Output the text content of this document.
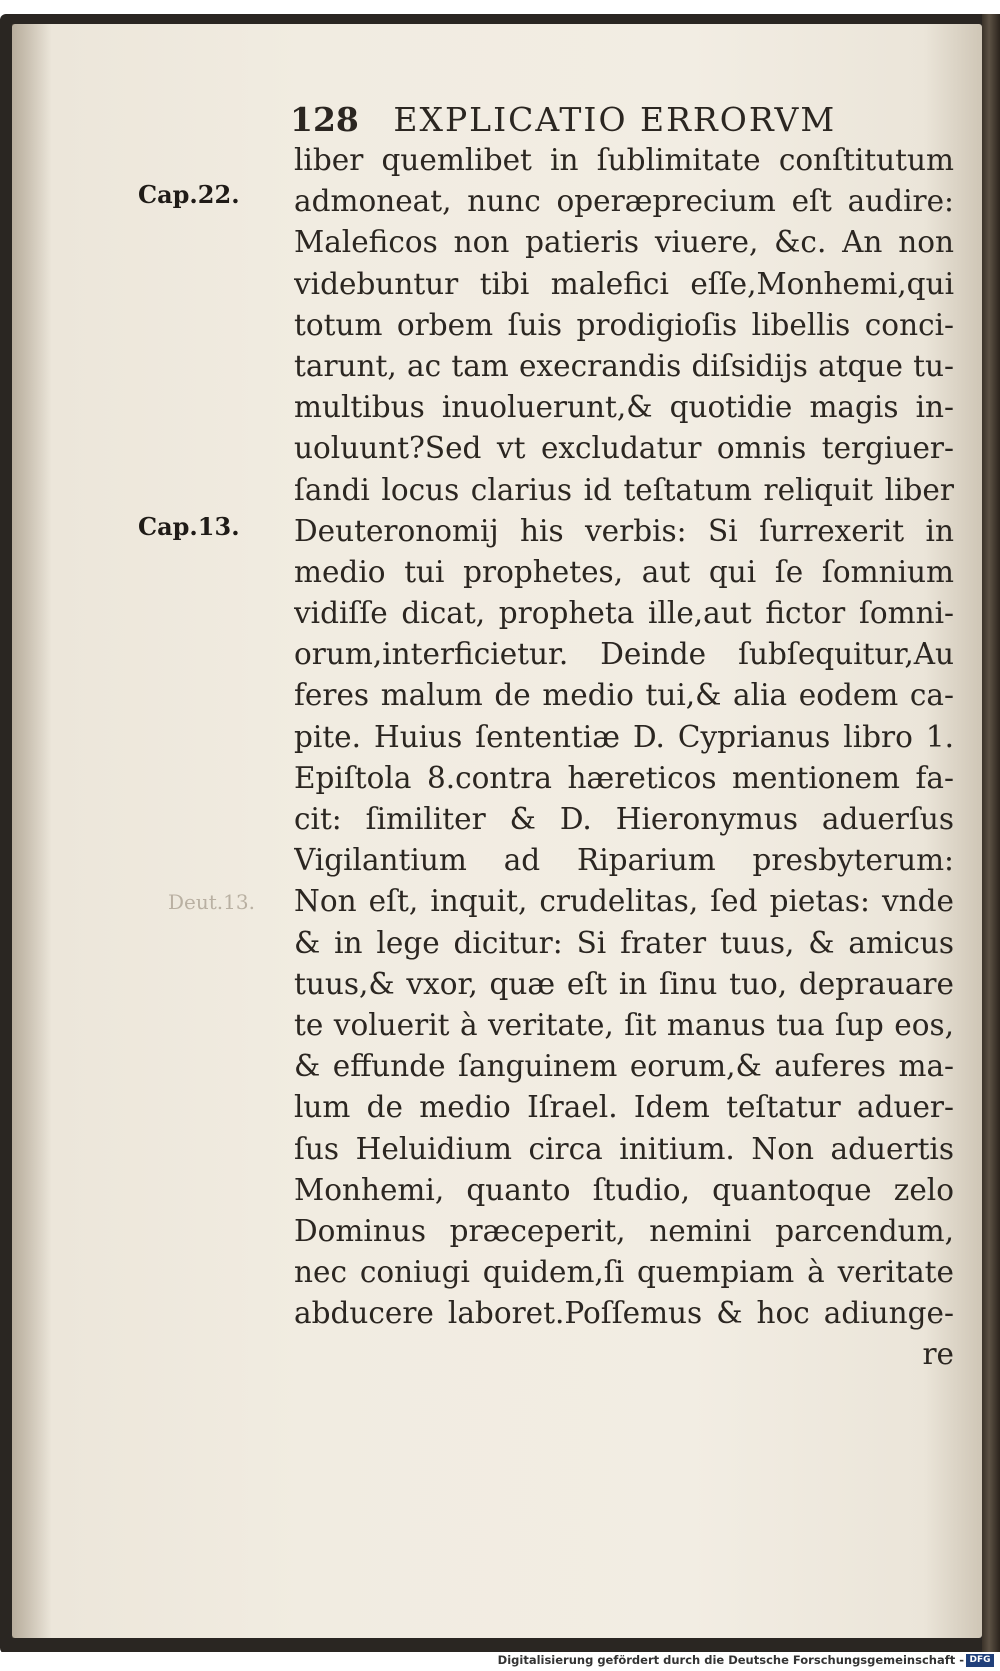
128 EXPLICATIO ERRORVM
Cap.22.
Cap.13.
Deut.13.
liber quemlibet in ſublimitate conſtitutum
admoneat, nunc operæprecium eſt audire:
Maleficos non patieris viuere, &c. An non
videbuntur tibi malefici eſſe,Monhemi,qui
totum orbem ſuis prodigioſis libellis conci-
tarunt, ac tam execrandis diſsidijs atque tu-
multibus inuoluerunt,& quotidie magis in-
uoluunt?Sed vt excludatur omnis tergiuer-
ſandi locus clarius id teſtatum reliquit liber
Deuteronomij his verbis: Si ſurrexerit in
medio tui prophetes, aut qui ſe ſomnium
vidiſſe dicat, propheta ille,aut fictor ſomni-
orum,interficietur. Deinde ſubſequitur,Au
feres malum de medio tui,& alia eodem ca-
pite. Huius ſententiæ D. Cyprianus libro 1.
Epiſtola 8.contra hæreticos mentionem fa-
cit: ſimiliter & D. Hieronymus aduerſus
Vigilantium ad Riparium presbyterum:
Non eſt, inquit, crudelitas, ſed pietas: vnde
& in lege dicitur: Si frater tuus, & amicus
tuus,& vxor, quæ eſt in ſinu tuo, deprauare
te voluerit à veritate, ſit manus tua ſup eos,
& effunde ſanguinem eorum,& auferes ma-
lum de medio Iſrael. Idem teſtatur aduer-
ſus Heluidium circa initium. Non aduertis
Monhemi, quanto ſtudio, quantoque zelo
Dominus præceperit, nemini parcendum,
nec coniugi quidem,ſi quempiam à veritate
abducere laboret.Poſſemus & hoc adiunge-
re
Digitalisierung gefördert durch die Deutsche Forschungsgemeinschaft - DFG
